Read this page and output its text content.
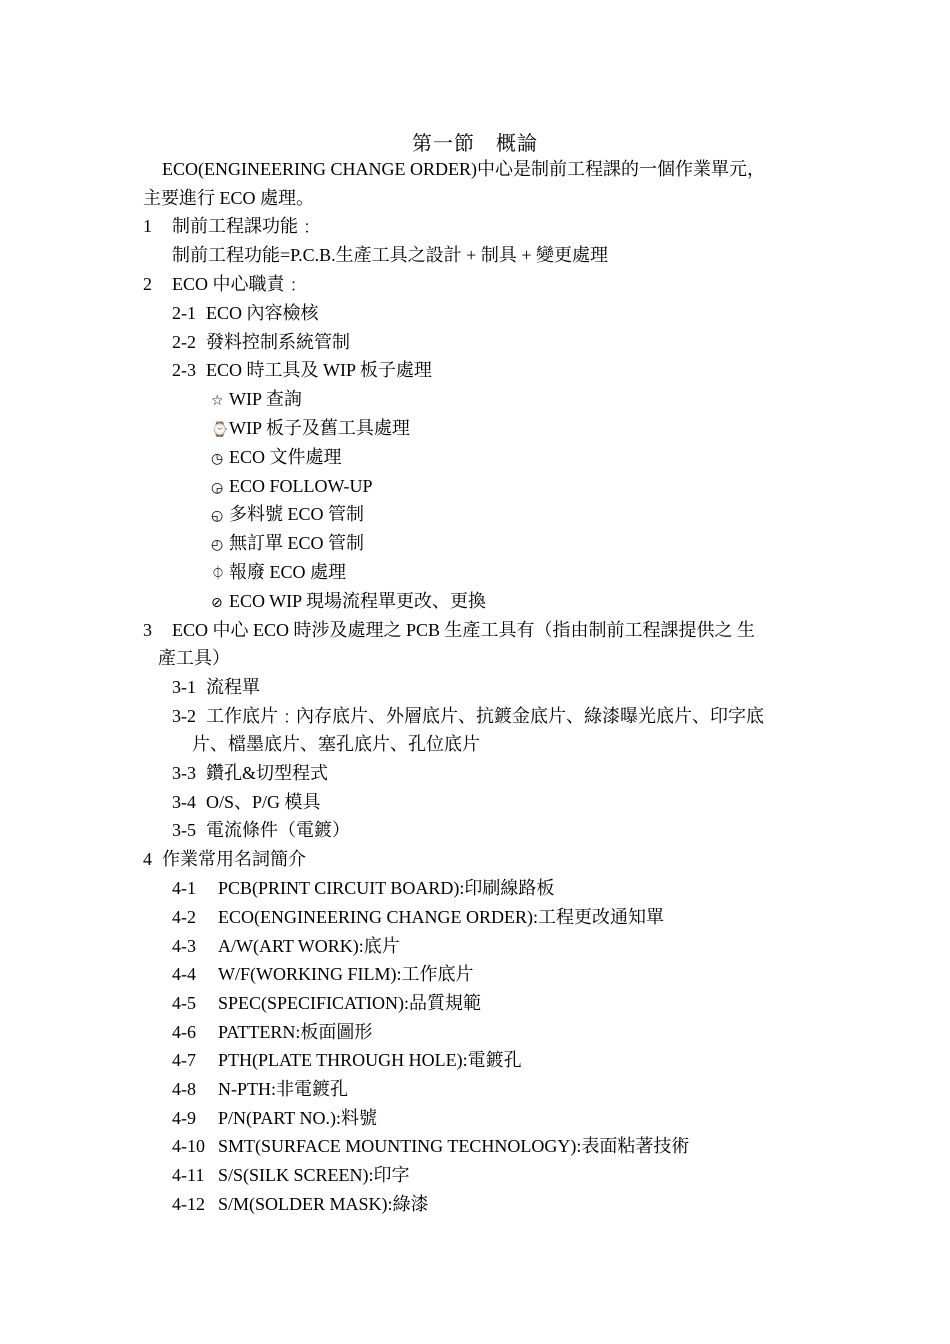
第一節　概論
ECO(ENGINEERING CHANGE ORDER)中心是制前工程課的一個作業單元，
主要進行 ECO 處理。
1 制前工程課功能﹕
制前工程功能=P.C.B.生產工具之設計 + 制具 + 變更處理
2 ECO 中心職責﹕
2-1 ECO 內容檢核
2-2 發料控制系統管制
2-3 ECO 時工具及 WIP 板子處理
☆ WIP 查詢
⌚WIP 板子及舊工具處理
◷ ECO 文件處理
◶ ECO FOLLOW-UP
◵ 多料號 ECO 管制
◴ 無訂單 ECO 管制
⏀ 報廢 ECO 處理
⊘ ECO WIP 現場流程單更改、更換
3 ECO 中心 ECO 時涉及處理之 PCB 生產工具有（指由制前工程課提供之 生
產工具）
3-1 流程單
3-2 工作底片﹕內存底片、外層底片、抗鍍金底片、綠漆曝光底片、印字底
片、檔墨底片、塞孔底片、孔位底片
3-3 鑽孔&切型程式
3-4 O/S、P/G 模具
3-5 電流條件（電鍍）
4 作業常用名詞簡介
4-1 PCB(PRINT CIRCUIT BOARD):印刷線路板
4-2 ECO(ENGINEERING CHANGE ORDER):工程更改通知單
4-3 A/W(ART WORK):底片
4-4 W/F(WORKING FILM):工作底片
4-5 SPEC(SPECIFICATION):品質規範
4-6 PATTERN:板面圖形
4-7 PTH(PLATE THROUGH HOLE):電鍍孔
4-8 N-PTH:非電鍍孔
4-9 P/N(PART NO.):料號
4-10 SMT(SURFACE MOUNTING TECHNOLOGY):表面粘著技術
4-11 S/S(SILK SCREEN):印字
4-12 S/M(SOLDER MASK):綠漆
